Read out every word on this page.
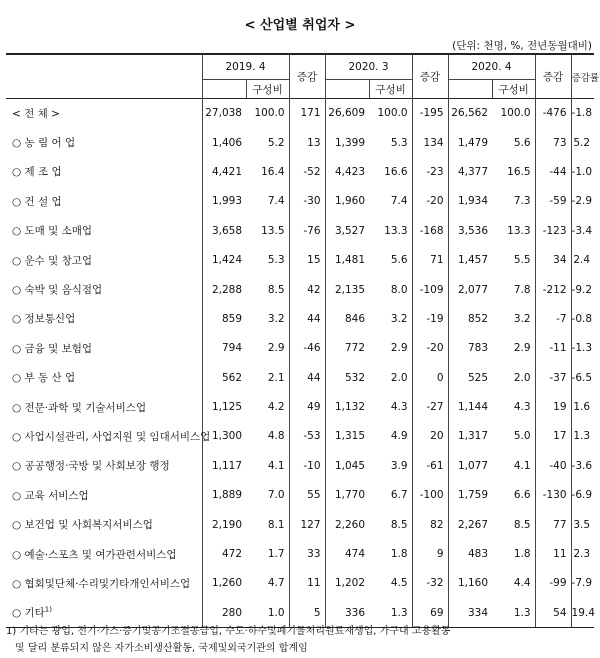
< 산업별 취업자 >
(단위: 천명, %, 전년동월대비)
	2019. 4		증감	2020. 3		증감	2020. 4		증감	증감률
		구성비			구성비			구성비		
< 전 체 >	27,038	100.0	171	26,609	100.0	-195	26,562	100.0	-476	-1.8
○ 농 림 어 업	1,406	5.2	13	1,399	5.3	134	1,479	5.6	73	5.2
○ 제 조 업	4,421	16.4	-52	4,423	16.6	-23	4,377	16.5	-44	-1.0
○ 건 설 업	1,993	7.4	-30	1,960	7.4	-20	1,934	7.3	-59	-2.9
○ 도매 및 소매업	3,658	13.5	-76	3,527	13.3	-168	3,536	13.3	-123	-3.4
○ 운수 및 창고업	1,424	5.3	15	1,481	5.6	71	1,457	5.5	34	2.4
○ 숙박 및 음식점업	2,288	8.5	42	2,135	8.0	-109	2,077	7.8	-212	-9.2
○ 정보통신업	859	3.2	44	846	3.2	-19	852	3.2	-7	-0.8
○ 금융 및 보험업	794	2.9	-46	772	2.9	-20	783	2.9	-11	-1.3
○ 부 동 산 업	562	2.1	44	532	2.0	0	525	2.0	-37	-6.5
○ 전문·과학 및 기술서비스업	1,125	4.2	49	1,132	4.3	-27	1,144	4.3	19	1.6
○ 사업시설관리, 사업지원 및 임대서비스업	1,300	4.8	-53	1,315	4.9	20	1,317	5.0	17	1.3
○ 공공행정·국방 및 사회보장 행정	1,117	4.1	-10	1,045	3.9	-61	1,077	4.1	-40	-3.6
○ 교육 서비스업	1,889	7.0	55	1,770	6.7	-100	1,759	6.6	-130	-6.9
○ 보건업 및 사회복지서비스업	2,190	8.1	127	2,260	8.5	82	2,267	8.5	77	3.5
○ 예술·스포츠 및 여가관련서비스업	472	1.7	33	474	1.8	9	483	1.8	11	2.3
○ 협회및단체·수리및기타개인서비스업	1,260	4.7	11	1,202	4.5	-32	1,160	4.4	-99	-7.9
○ 기타$^{1)}$	280	1.0	5	336	1.3	69	334	1.3	54	19.4
1) 기타는 광업, 전기·가스·증기및공기조절공급업, 수도·하수및폐기물처리원료재생업, 가구내 고용활동
및 달리 분류되지 않은 자가소비생산활동, 국제및외국기관의 합계임
